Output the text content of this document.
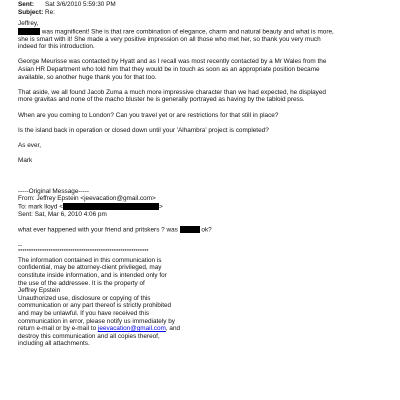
Sent:	Sat 3/6/2010 5:59:30 PM
Subject: Re:

Jeffrey,

was magnificent! She is that rare combination of elegance, charm and natural beauty and what is more,

she is smart with it! She made a very positive impression on all those who met her, so thank you very much

indeed for this introduction.

George Meurisse was contacted by Hyatt and as I recall was most recently contacted by a Mr Wales from the

Asian HR Department who told him that they would be in touch as soon as an appropriate position became

available, so another huge thank you for that too.

That aside, we all found Jacob Zuma a much more impressive character than we had expected, he displayed

more gravitas and none of the macho bluster he is generally portrayed as having by the tabloid press.

When are you coming to London? Can you travel yet or are restrictions for that still in place?

Is the island back in operation or closed down until your 'Alhambra' project is completed?

As ever,

Mark

-----Original Message-----

From: Jeffrey Epstein <jeevacation@gmail.com>

To: mark lloyd <	>

Sent: Sat, Mar 6, 2010 4:06 pm

what ever happened with your friend and pritskers ? was	ok?

--

************************************************************

The information contained in this communication is

confidential, may be attorney-client privileged, may

constitute inside information, and is intended only for

the use of the addressee. It is the property of

Jeffrey Epstein

Unauthorized use, disclosure or copying of this

communication or any part thereof is strictly prohibited

and may be unlawful. If you have received this

communication in error, please notify us immediately by

return e-mail or by e-mail to jeevacation@gmail.com, and

destroy this communication and all copies thereof,

including all attachments.
